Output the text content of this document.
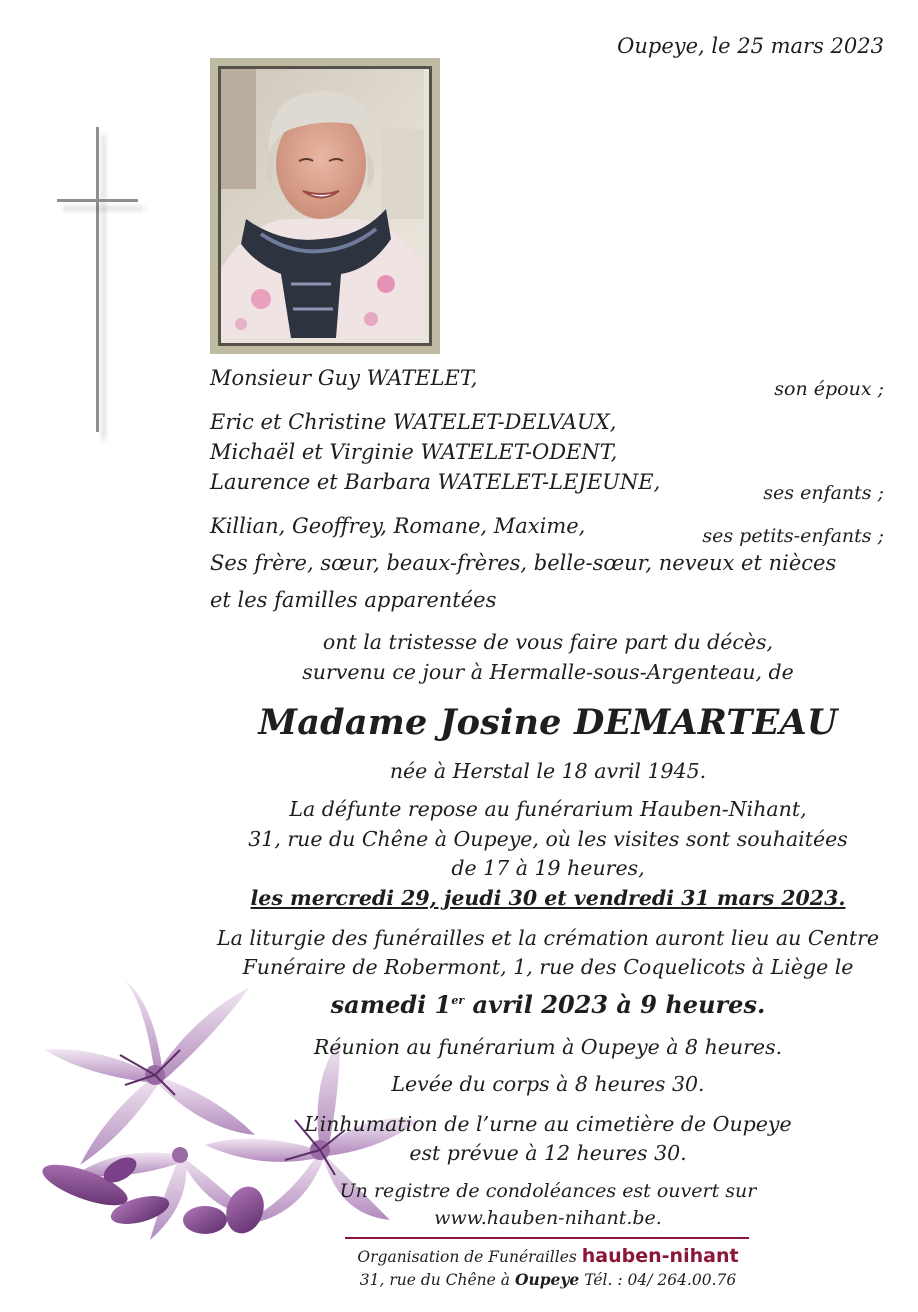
Oupeye, le 25 mars 2023
Monsieur Guy WATELET,	son époux ;
Eric et Christine WATELET-DELVAUX,
Michaël et Virginie WATELET-ODENT,
Laurence et Barbara WATELET-LEJEUNE,	ses enfants ;
Killian, Geoffrey, Romane, Maxime,	ses petits-enfants ;
Ses frère, sœur, beaux-frères, belle-sœur, neveux et nièces
et les familles apparentées
ont la tristesse de vous faire part du décès,
survenu ce jour à Hermalle-sous-Argenteau, de
Madame Josine DEMARTEAU
née à Herstal le 18 avril 1945.
La défunte repose au funérarium Hauben-Nihant,
31, rue du Chêne à Oupeye, où les visites sont souhaitées
de 17 à 19 heures,
les mercredi 29, jeudi 30 et vendredi 31 mars 2023.
La liturgie des funérailles et la crémation auront lieu au Centre
Funéraire de Robermont, 1, rue des Coquelicots à Liège le
samedi 1er avril 2023 à 9 heures.
Réunion au funérarium à Oupeye à 8 heures.
Levée du corps à 8 heures 30.
L’inhumation de l’urne au cimetière de Oupeye
est prévue à 12 heures 30.
Un registre de condoléances est ouvert sur
www.hauben-nihant.be.
Organisation de Funérailles hauben-nihant
31, rue du Chêne à Oupeye Tél. : 04/ 264.00.76
